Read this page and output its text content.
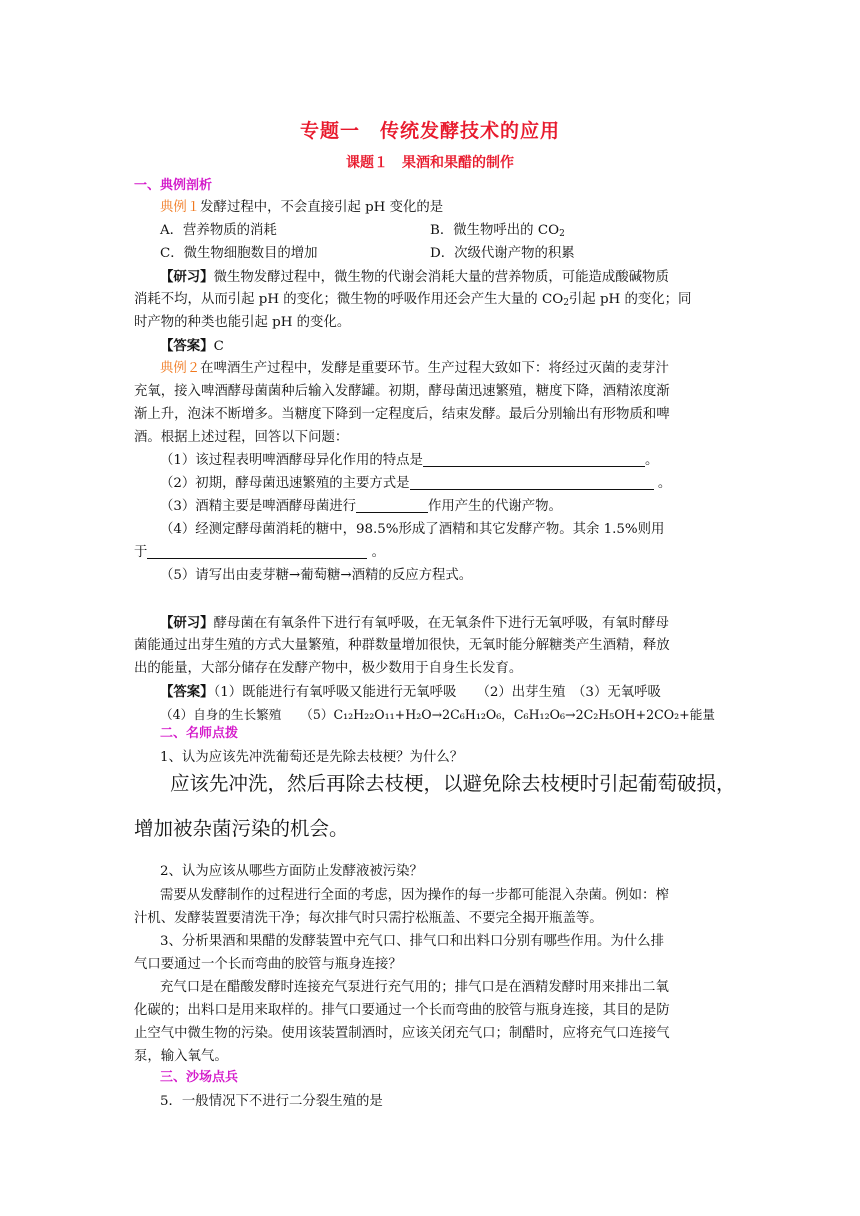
专题一　传统发酵技术的应用
课题１　果酒和果醋的制作
一、典例剖析
典例１发酵过程中，不会直接引起 pH 变化的是
A．营养物质的消耗	B．微生物呼出的 $CO_2$
C．微生物细胞数目的增加	D．次级代谢产物的积累
【研习】微生物发酵过程中，微生物的代谢会消耗大量的营养物质，可能造成酸碱物质
消耗不均，从而引起 pH 的变化；微生物的呼吸作用还会产生大量的 $CO_2$引起 pH 的变化；同
时产物的种类也能引起 pH 的变化。
【答案】C
典例２在啤酒生产过程中，发酵是重要环节。生产过程大致如下：将经过灭菌的麦芽汁
充氧，接入啤酒酵母菌菌种后输入发酵罐。初期，酵母菌迅速繁殖，糖度下降，酒精浓度渐
渐上升，泡沫不断增多。当糖度下降到一定程度后，结束发酵。最后分别输出有形物质和啤
酒。根据上述过程，回答以下问题：
（1）该过程表明啤酒酵母异化作用的特点是	。
（2）初期，酵母菌迅速繁殖的主要方式是	。
（3）酒精主要是啤酒酵母菌进行	作用产生的代谢产物。
（4）经测定酵母菌消耗的糖中，98.5%形成了酒精和其它发酵产物。其余 1.5%则用
于	。
（5）请写出由麦芽糖→葡萄糖→酒精的反应方程式。
【研习】酵母菌在有氧条件下进行有氧呼吸，在无氧条件下进行无氧呼吸，有氧时酵母
菌能通过出芽生殖的方式大量繁殖，种群数量增加很快，无氧时能分解糖类产生酒精，释放
出的能量，大部分储存在发酵产物中，极少数用于自身生长发育。
【答案】（1）既能进行有氧呼吸又能进行无氧呼吸　　（2）出芽生殖　（3）无氧呼吸
（4）自身的生长繁殖　　（5）C₁₂H₂₂O₁₁+H₂O→2C₆H₁₂O₆，C₆H₁₂O₆→2C₂H₅OH+2CO₂+能量
二、名师点拨
1、认为应该先冲洗葡萄还是先除去枝梗？为什么？
应该先冲洗，然后再除去枝梗，以避免除去枝梗时引起葡萄破损，
增加被杂菌污染的机会。
2、认为应该从哪些方面防止发酵液被污染？
需要从发酵制作的过程进行全面的考虑，因为操作的每一步都可能混入杂菌。例如：榨
汁机、发酵装置要清洗干净；每次排气时只需拧松瓶盖、不要完全揭开瓶盖等。
3、分析果酒和果醋的发酵装置中充气口、排气口和出料口分别有哪些作用。为什么排
气口要通过一个长而弯曲的胶管与瓶身连接？
充气口是在醋酸发酵时连接充气泵进行充气用的；排气口是在酒精发酵时用来排出二氧
化碳的；出料口是用来取样的。排气口要通过一个长而弯曲的胶管与瓶身连接，其目的是防
止空气中微生物的污染。使用该装置制酒时，应该关闭充气口；制醋时，应将充气口连接气
泵，输入氧气。
三、沙场点兵
5．一般情况下不进行二分裂生殖的是
